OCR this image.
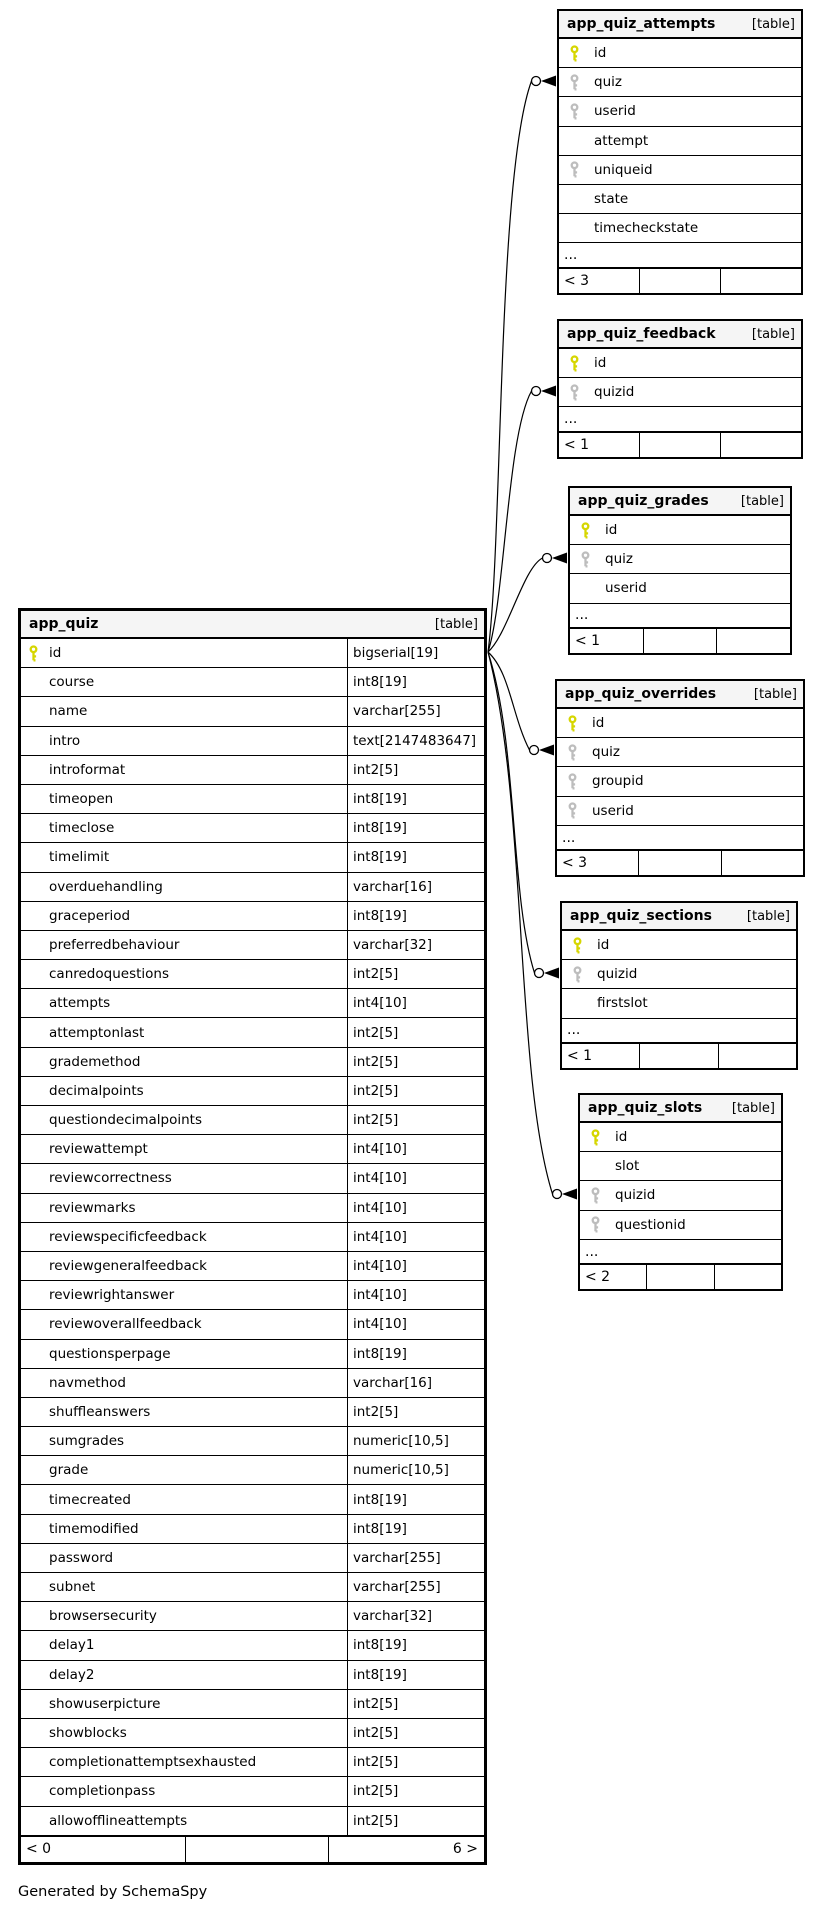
app_quiz	[table]
id	bigserial[19]
course	int8[19]
name	varchar[255]
intro	text[2147483647]
introformat	int2[5]
timeopen	int8[19]
timeclose	int8[19]
timelimit	int8[19]
overduehandling	varchar[16]
graceperiod	int8[19]
preferredbehaviour	varchar[32]
canredoquestions	int2[5]
attempts	int4[10]
attemptonlast	int2[5]
grademethod	int2[5]
decimalpoints	int2[5]
questiondecimalpoints	int2[5]
reviewattempt	int4[10]
reviewcorrectness	int4[10]
reviewmarks	int4[10]
reviewspecificfeedback	int4[10]
reviewgeneralfeedback	int4[10]
reviewrightanswer	int4[10]
reviewoverallfeedback	int4[10]
questionsperpage	int8[19]
navmethod	varchar[16]
shuffleanswers	int2[5]
sumgrades	numeric[10,5]
grade	numeric[10,5]
timecreated	int8[19]
timemodified	int8[19]
password	varchar[255]
subnet	varchar[255]
browsersecurity	varchar[32]
delay1	int8[19]
delay2	int8[19]
showuserpicture	int2[5]
showblocks	int2[5]
completionattemptsexhausted	int2[5]
completionpass	int2[5]
allowofflineattempts	int2[5]
< 0	6 >
app_quiz_attempts	[table]
id
quiz
userid
attempt
uniqueid
state
timecheckstate
...
< 3
app_quiz_feedback	[table]
id
quizid
...
< 1
app_quiz_grades [table]
id
quiz
userid
...
< 1
app_quiz_overrides	[table]
id
quiz
groupid
userid
...
< 3
app_quiz_sections	[table]
id
quizid
firstslot
...
< 1
app_quiz_slots [table]
id
slot
quizid
questionid
...
< 2
Generated by SchemaSpy
